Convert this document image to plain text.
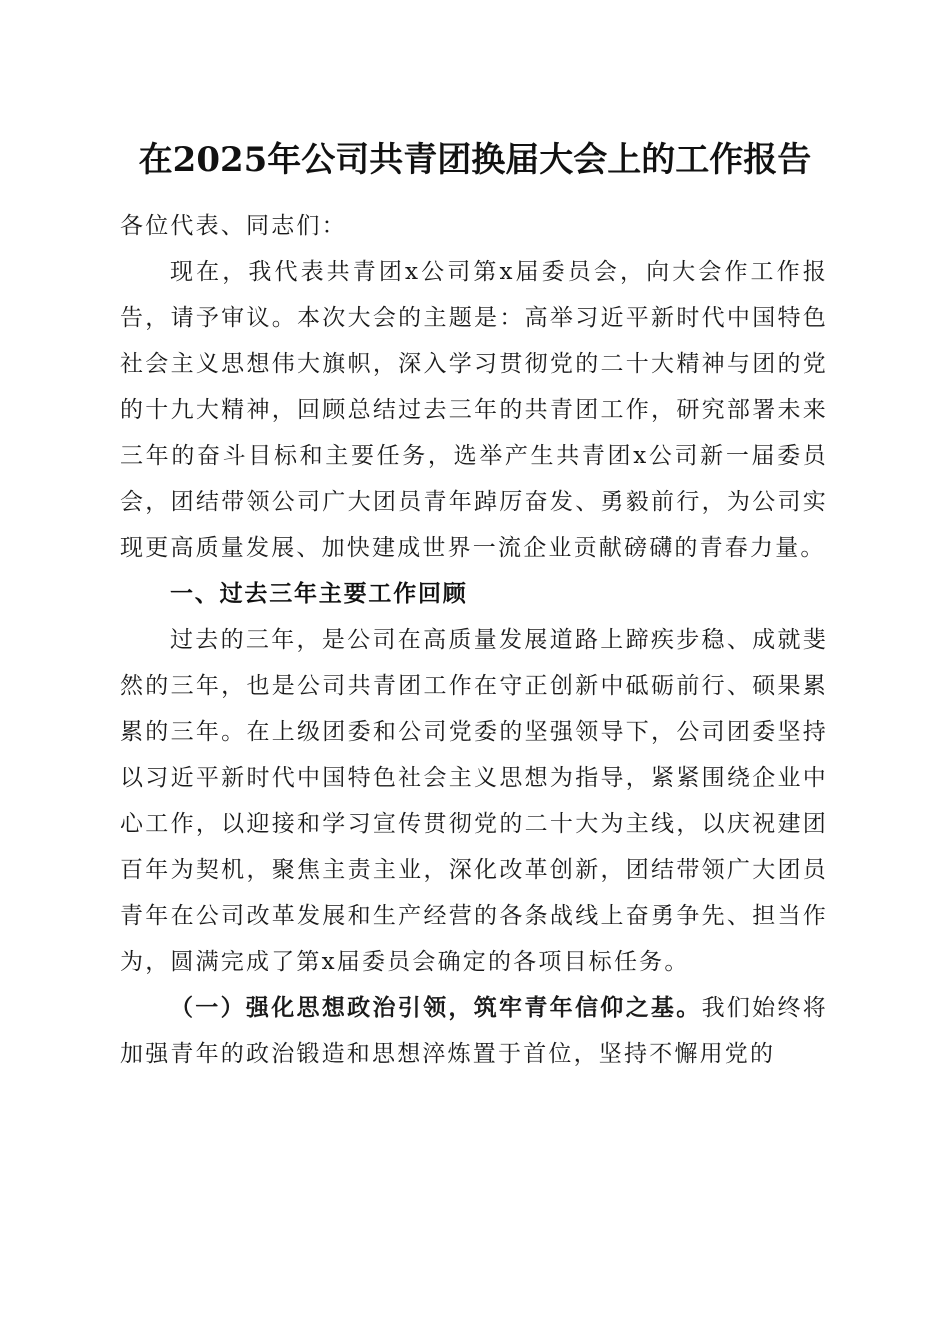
在2025年公司共青团换届大会上的工作报告

各位代表、同志们：

现在，我代表共青团x公司第x届委员会，向大会作工作报告，请予审议。本次大会的主题是：高举习近平新时代中国特色社会主义思想伟大旗帜，深入学习贯彻党的二十大精神与团的党的十九大精神，回顾总结过去三年的共青团工作，研究部署未来三年的奋斗目标和主要任务，选举产生共青团x公司新一届委员会，团结带领公司广大团员青年踔厉奋发、勇毅前行，为公司实现更高质量发展、加快建成世界一流企业贡献磅礴的青春力量。

一、过去三年主要工作回顾

过去的三年，是公司在高质量发展道路上蹄疾步稳、成就斐然的三年，也是公司共青团工作在守正创新中砥砺前行、硕果累累的三年。在上级团委和公司党委的坚强领导下，公司团委坚持以习近平新时代中国特色社会主义思想为指导，紧紧围绕企业中心工作，以迎接和学习宣传贯彻党的二十大为主线，以庆祝建团百年为契机，聚焦主责主业，深化改革创新，团结带领广大团员青年在公司改革发展和生产经营的各条战线上奋勇争先、担当作为，圆满完成了第x届委员会确定的各项目标任务。

（一）强化思想政治引领，筑牢青年信仰之基。我们始终将加强青年的政治锻造和思想淬炼置于首位，坚持不懈用党的
